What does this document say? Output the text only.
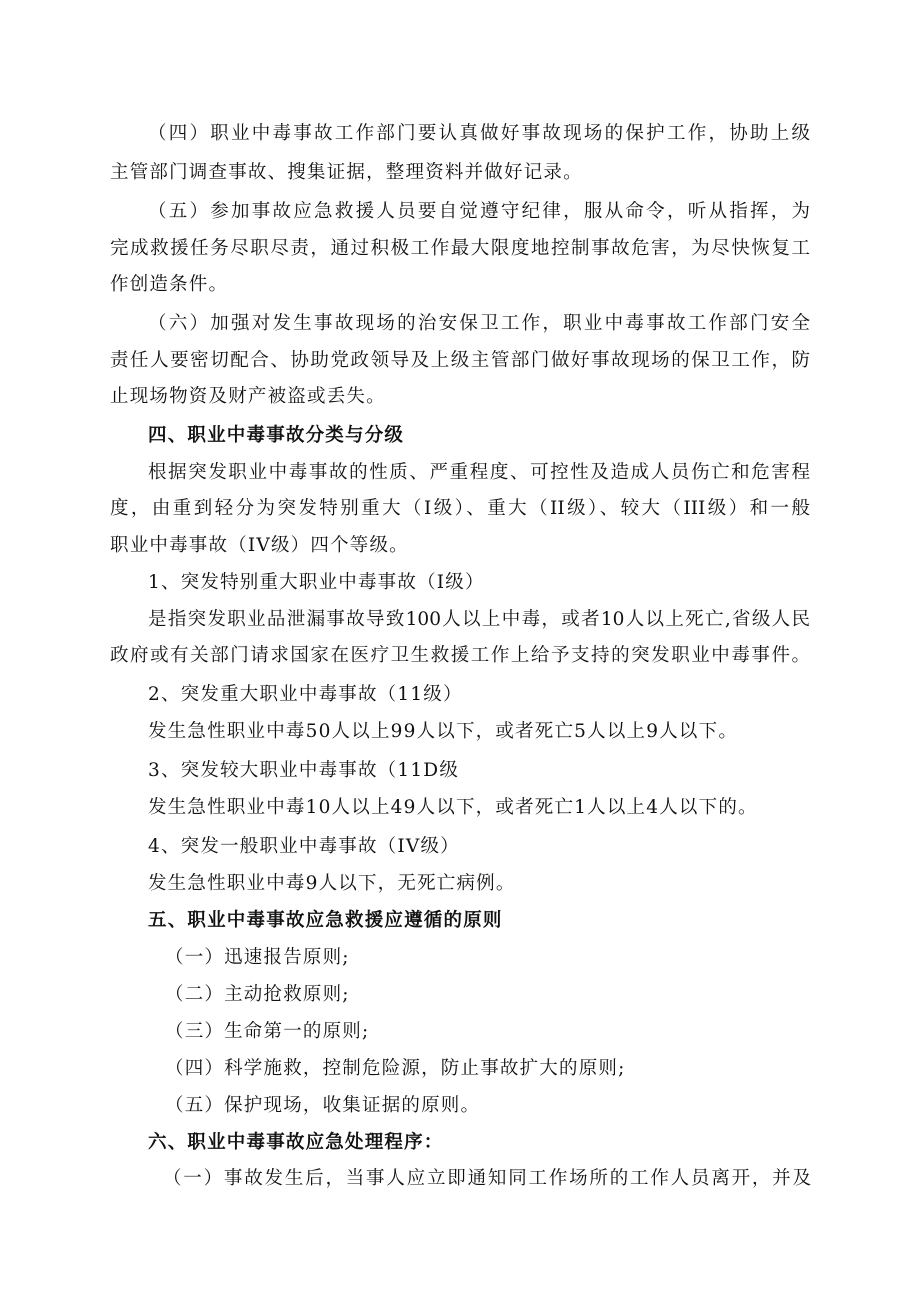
（四）职业中毒事故工作部门要认真做好事故现场的保护工作，协助上级
主管部门调查事故、搜集证据，整理资料并做好记录。
（五）参加事故应急救援人员要自觉遵守纪律，服从命令，听从指挥，为
完成救援任务尽职尽责，通过积极工作最大限度地控制事故危害，为尽快恢复工
作创造条件。
（六）加强对发生事故现场的治安保卫工作，职业中毒事故工作部门安全
责任人要密切配合、协助党政领导及上级主管部门做好事故现场的保卫工作，防
止现场物资及财产被盗或丢失。
四、职业中毒事故分类与分级
根据突发职业中毒事故的性质、严重程度、可控性及造成人员伤亡和危害程
度，由重到轻分为突发特别重大（I级）、重大（II级）、较大（III级）和一般
职业中毒事故（IV级）四个等级。
1、突发特别重大职业中毒事故（I级）
是指突发职业品泄漏事故导致100人以上中毒，或者10人以上死亡,省级人民
政府或有关部门请求国家在医疗卫生救援工作上给予支持的突发职业中毒事件。
2、突发重大职业中毒事故（11级）
发生急性职业中毒50人以上99人以下，或者死亡5人以上9人以下。
3、突发较大职业中毒事故（11D级
发生急性职业中毒10人以上49人以下，或者死亡1人以上4人以下的。
4、突发一般职业中毒事故（IV级）
发生急性职业中毒9人以下，无死亡病例。
五、职业中毒事故应急救援应遵循的原则
（一）迅速报告原则;
（二）主动抢救原则;
（三）生命第一的原则;
（四）科学施救，控制危险源，防止事故扩大的原则;
（五）保护现场，收集证据的原则。
六、职业中毒事故应急处理程序：
（一）事故发生后，当事人应立即通知同工作场所的工作人员离开，并及
